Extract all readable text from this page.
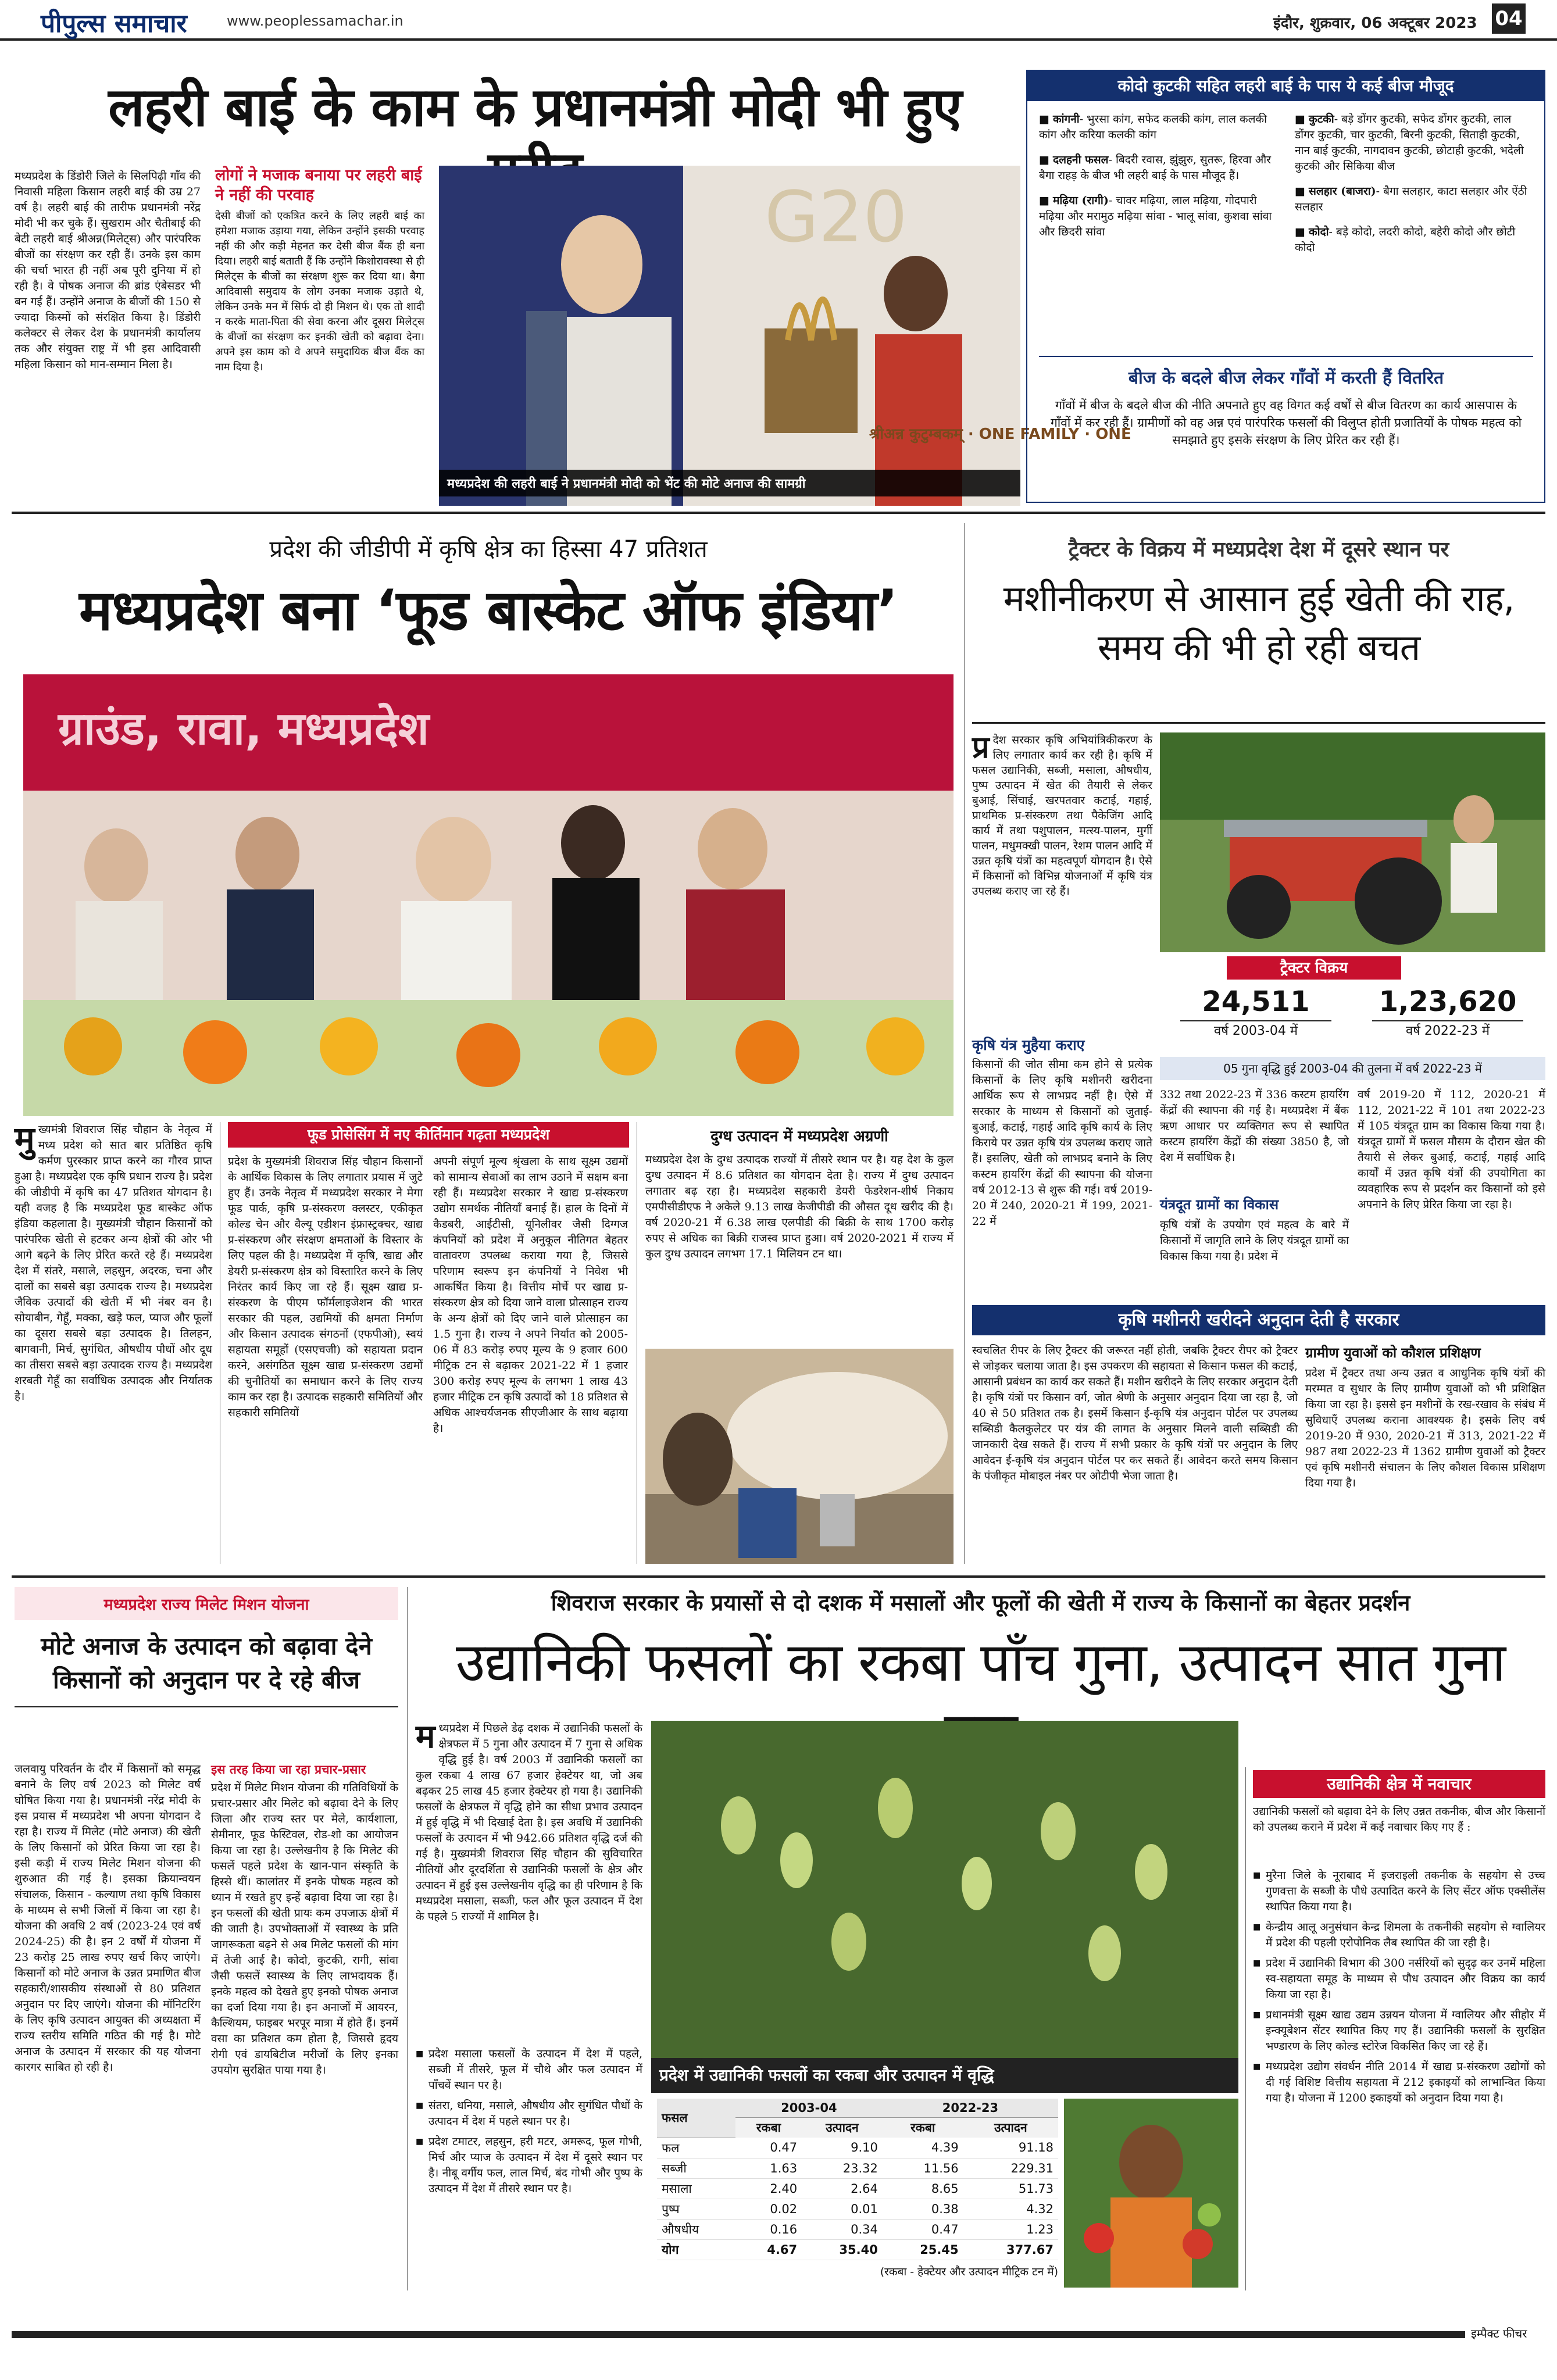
पीपुल्स समाचार	www.peoplessamachar.in	इंदौर, शुक्रवार, 06 अक्टूबर 2023 04
लहरी बाई के काम के प्रधानमंत्री मोदी भी हुए
मध्यप्रदेश के डिंडोरी जिले के सिलपिढ़ी गाँव की निवासी महिला किसान लहरी बाई की उम्र 27 वर्ष है। लहरी बाई की तारीफ प्रधानमंत्री नरेंद्र मोदी भी कर चुके हैं। सुखराम और चैतीबाई की बेटी लहरी बाई श्रीअन्न(मिलेट्स) और पारंपरिक बीजों का संरक्षण कर रही हैं। उनके इस काम की चर्चा भारत ही नहीं अब पूरी दुनिया में हो रही है। वे पोषक अनाज की ब्रांड एंबेसडर भी बन गई हैं। उन्होंने अनाज के बीजों की 150 से ज्यादा किस्मों को संरक्षित किया है। डिंडोरी कलेक्टर से लेकर देश के प्रधानमंत्री कार्यालय तक और संयुक्त राष्ट्र में भी इस आदिवासी महिला किसान को मान-सम्मान मिला है।
लोगों ने मजाक बनाया पर लहरी बाई ने नहीं की परवाह
देसी बीजों को एकत्रित करने के लिए लहरी बाई का हमेशा मजाक उड़ाया गया, लेकिन उन्होंने इसकी परवाह नहीं की और कड़ी मेहनत कर देसी बीज बैंक ही बना दिया। लहरी बाई बताती हैं कि उन्होंने किशोरावस्था से ही मिलेट्स के बीजों का संरक्षण शुरू कर दिया था। बैगा आदिवासी समुदाय के लोग उनका मजाक उड़ाते थे, लेकिन उनके मन में सिर्फ दो ही मिशन थे। एक तो शादी न करके माता-पिता की सेवा करना और दूसरा मिलेट्स के बीजों का संरक्षण कर इनकी खेती को बढ़ावा देना। अपने इस काम को वे अपने समुदायिक बीज बैंक का नाम दिया है।
G20
श्रीअन्न कुटुम्बकम् · ONE FAMILY · ONE
मध्यप्रदेश की लहरी बाई ने प्रधानमंत्री मोदी को भेंट की मोटे अनाज की सामग्री
कोदो कुटकी सहित लहरी बाई के पास ये कई बीज मौजूद
■ कांगनी- भुरसा कांग, सफेद कलकी कांग, लाल कलकी कांग और करिया कलकी कांग
■ दलहनी फसल- बिदरी रवास, झुंझुरु, सुतरू, हिरवा और बैगा राहड़ के बीज भी लहरी बाई के पास मौजूद हैं।
■ मढ़िया (रागी)- चावर मढ़िया, लाल मढ़िया, गोदपारी मढ़िया और मरामुठ मढ़िया सांवा - भालू सांवा, कुशवा सांवा और छिदरी सांवा
■ कुटकी- बड़े डोंगर कुटकी, सफेद डोंगर कुटकी, लाल डोंगर कुटकी, चार कुटकी, बिरनी कुटकी, सिताही कुटकी, नान बाई कुटकी, नागदावन कुटकी, छोटाही कुटकी, भदेली कुटकी और सिकिया बीज
■ सलहार (बाजरा)- बैगा सलहार, काटा सलहार और ऐंठी सलहार
■ कोदो- बड़े कोदो, लदरी कोदो, बहेरी कोदो और छोटी कोदो
बीज के बदले बीज लेकर गाँवों में करती हैं वितरित
गाँवों में बीज के बदले बीज की नीति अपनाते हुए वह विगत कई वर्षों से बीज वितरण का कार्य आसपास के गाँवों में कर रही हैं। ग्रामीणों को वह अन्न एवं पारंपरिक फसलों की विलुप्त होती प्रजातियों के पोषक महत्व को समझाते हुए इसके संरक्षण के लिए प्रेरित कर रही हैं।
प्रदेश की जीडीपी में कृषि क्षेत्र का हिस्सा 47 प्रतिशत
मध्यप्रदेश बना ‘फूड बास्केट ऑफ इंडिया’
ग्राउंड, रावा, मध्यप्रदेश
मु ख्यमंत्री शिवराज सिंह चौहान के नेतृत्व में मध्य प्रदेश को सात बार प्रतिष्ठित कृषि कर्मण पुरस्कार प्राप्त करने का गौरव प्राप्त हुआ है। मध्यप्रदेश एक कृषि प्रधान राज्य है। प्रदेश की जीडीपी में कृषि का 47 प्रतिशत योगदान है। यही वजह है कि मध्यप्रदेश फूड बास्केट ऑफ इंडिया कहलाता है। मुख्यमंत्री चौहान किसानों को पारंपरिक खेती से हटकर अन्य क्षेत्रों की ओर भी आगे बढ़ने के लिए प्रेरित करते रहे हैं। मध्यप्रदेश देश में संतरे, मसाले, लहसुन, अदरक, चना और दालों का सबसे बड़ा उत्पादक राज्य है। मध्यप्रदेश जैविक उत्पादों की खेती में भी नंबर वन है। सोयाबीन, गेहूँ, मक्का, खड़े फल, प्याज और फूलों का दूसरा सबसे बड़ा उत्पादक है। तिलहन, बागवानी, मिर्च, सुगंधित, औषधीय पौधों और दूध का तीसरा सबसे बड़ा उत्पादक राज्य है। मध्यप्रदेश शरबती गेहूँ का सर्वाधिक उत्पादक और निर्यातक है।
फूड प्रोसेसिंग में नए कीर्तिमान गढ़ता मध्यप्रदेश
प्रदेश के मुख्यमंत्री शिवराज सिंह चौहान किसानों के आर्थिक विकास के लिए लगातार प्रयास में जुटे हुए हैं। उनके नेतृत्व में मध्यप्रदेश सरकार ने मेगा फूड पार्क, कृषि प्र-संस्करण क्लस्टर, एकीकृत कोल्ड चेन और वैल्यू एडीशन इंफ्रास्ट्रक्चर, खाद्य प्र-संस्करण और संरक्षण क्षमताओं के विस्तार के लिए पहल की है। मध्यप्रदेश में कृषि, खाद्य और डेयरी प्र-संस्करण क्षेत्र को विस्तारित करने के लिए निरंतर कार्य किए जा रहे हैं। सूक्ष्म खाद्य प्र-संस्करण के पीएम फॉर्मलाइजेशन की भारत सरकार की पहल, उद्यमियों की क्षमता निर्माण और किसान उत्पादक संगठनों (एफपीओ), स्वयं सहायता समूहों (एसएचजी) को सहायता प्रदान करने, असंगठित सूक्ष्म खाद्य प्र-संस्करण उद्यमों की चुनौतियों का समाधान करने के लिए राज्य काम कर रहा है। उत्पादक सहकारी समितियों और सहकारी समितियों
अपनी संपूर्ण मूल्य श्रृंखला के साथ सूक्ष्म उद्यमों को सामान्य सेवाओं का लाभ उठाने में सक्षम बना रही हैं। मध्यप्रदेश सरकार ने खाद्य प्र-संस्करण उद्योग समर्थक नीतियाँ बनाई हैं। हाल के दिनों में कैडबरी, आईटीसी, यूनिलीवर जैसी दिग्गज कंपनियों को प्रदेश में अनुकूल नीतिगत बेहतर वातावरण उपलब्ध कराया गया है, जिससे परिणाम स्वरूप इन कंपनियों ने निवेश भी आकर्षित किया है। वित्तीय मोर्चे पर खाद्य प्र-संस्करण क्षेत्र को दिया जाने वाला प्रोत्साहन राज्य के अन्य क्षेत्रों को दिए जाने वाले प्रोत्साहन का 1.5 गुना है। राज्य ने अपने निर्यात को 2005-06 में 83 करोड़ रुपए मूल्य के 9 हजार 600 मीट्रिक टन से बढ़ाकर 2021-22 में 1 हजार 300 करोड़ रुपए मूल्य के लगभग 1 लाख 43 हजार मीट्रिक टन कृषि उत्पादों को 18 प्रतिशत से अधिक आश्चर्यजनक सीएजीआर के साथ बढ़ाया है।
दुग्ध उत्पादन में मध्यप्रदेश अग्रणी
मध्यप्रदेश देश के दुग्ध उत्पादक राज्यों में तीसरे स्थान पर है। यह देश के कुल दुग्ध उत्पादन में 8.6 प्रतिशत का योगदान देता है। राज्य में दुग्ध उत्पादन लगातार बढ़ रहा है। मध्यप्रदेश सहकारी डेयरी फेडरेशन-शीर्ष निकाय एमपीसीडीएफ ने अकेले 9.13 लाख केजीपीडी की औसत दूध खरीद की है। वर्ष 2020-21 में 6.38 लाख एलपीडी की बिक्री के साथ 1700 करोड़ रुपए से अधिक का बिक्री राजस्व प्राप्त हुआ। वर्ष 2020-2021 में राज्य में कुल दुग्ध उत्पादन लगभग 17.1 मिलियन टन था।
ट्रैक्टर के विक्रय में मध्यप्रदेश देश में दूसरे स्थान पर
मशीनीकरण से आसान हुई खेती की राह, समय की भी हो रही बचत
प्र देश सरकार कृषि अभियांत्रिकीकरण के लिए लगातार कार्य कर रही है। कृषि में फसल उद्यानिकी, सब्जी, मसाला, औषधीय, पुष्प उत्पादन में खेत की तैयारी से लेकर बुआई, सिंचाई, खरपतवार कटाई, गहाई, प्राथमिक प्र-संस्करण तथा पैकेजिंग आदि कार्य में तथा पशुपालन, मत्स्य-पालन, मुर्गी पालन, मधुमक्खी पालन, रेशम पालन आदि में उन्नत कृषि यंत्रों का महत्वपूर्ण योगदान है। ऐसे में किसानों को विभिन्न योजनाओं में कृषि यंत्र उपलब्ध कराए जा रहे हैं।
ट्रैक्टर विक्रय
24,511
वर्ष 2003-04 में
1,23,620
वर्ष 2022-23 में
05 गुना वृद्धि हुई 2003-04 की तुलना में वर्ष 2022-23 में
कृषि यंत्र मुहैया कराए
किसानों की जोत सीमा कम होने से प्रत्येक किसानों के लिए कृषि मशीनरी खरीदना आर्थिक रूप से लाभप्रद नहीं है। ऐसे में सरकार के माध्यम से किसानों को जुताई-बुआई, कटाई, गहाई आदि कृषि कार्य के लिए किराये पर उन्नत कृषि यंत्र उपलब्ध कराए जाते हैं। इसलिए, खेती को लाभप्रद बनाने के लिए कस्टम हायरिंग केंद्रों की स्थापना की योजना वर्ष 2012-13 से शुरू की गई। वर्ष 2019-20 में 240, 2020-21 में 199, 2021- 22 में
332 तथा 2022-23 में 336 कस्टम हायरिंग केंद्रों की स्थापना की गई है। मध्यप्रदेश में बैंक ऋण आधार पर व्यक्तिगत रूप से स्थापित कस्टम हायरिंग केंद्रों की संख्या 3850 है, जो देश में सर्वाधिक है।
यंत्रदूत ग्रामों का विकास
कृषि यंत्रों के उपयोग एवं महत्व के बारे में किसानों में जागृति लाने के लिए यंत्रदूत ग्रामों का विकास किया गया है। प्रदेश में
वर्ष 2019-20 में 112, 2020-21 में 112, 2021-22 में 101 तथा 2022-23 में 105 यंत्रदूत ग्राम का विकास किया गया है। यंत्रदूत ग्रामों में फसल मौसम के दौरान खेत की तैयारी से लेकर बुआई, कटाई, गहाई आदि कार्यों में उन्नत कृषि यंत्रों की उपयोगिता का व्यवहारिक रूप से प्रदर्शन कर किसानों को इसे अपनाने के लिए प्रेरित किया जा रहा है।
कृषि मशीनरी खरीदने अनुदान देती है सरकार
स्वचलित रीपर के लिए ट्रैक्टर की जरूरत नहीं होती, जबकि ट्रैक्टर रीपर को ट्रैक्टर से जोड़कर चलाया जाता है। इस उपकरण की सहायता से किसान फसल की कटाई, आसानी प्रबंधन का कार्य कर सकते हैं। मशीन खरीदने के लिए सरकार अनुदान देती है। कृषि यंत्रों पर किसान वर्ग, जोत श्रेणी के अनुसार अनुदान दिया जा रहा है, जो 40 से 50 प्रतिशत तक है। इसमें किसान ई-कृषि यंत्र अनुदान पोर्टल पर उपलब्ध सब्सिडी कैलकुलेटर पर यंत्र की लागत के अनुसार मिलने वाली सब्सिडी की जानकारी देख सकते हैं। राज्य में सभी प्रकार के कृषि यंत्रों पर अनुदान के लिए आवेदन ई-कृषि यंत्र अनुदान पोर्टल पर कर सकते हैं। आवेदन करते समय किसान के पंजीकृत मोबाइल नंबर पर ओटीपी भेजा जाता है।
ग्रामीण युवाओं को कौशल प्रशिक्षण
प्रदेश में ट्रैक्टर तथा अन्य उन्नत व आधुनिक कृषि यंत्रों की मरम्मत व सुधार के लिए ग्रामीण युवाओं को भी प्रशिक्षित किया जा रहा है। इससे इन मशीनों के रख-रखाव के संबंध में सुविधाएँ उपलब्ध कराना आवश्यक है। इसके लिए वर्ष 2019-20 में 930, 2020-21 में 313, 2021-22 में 987 तथा 2022-23 में 1362 ग्रामीण युवाओं को ट्रैक्टर एवं कृषि मशीनरी संचालन के लिए कौशल विकास प्रशिक्षण दिया गया है।
मध्यप्रदेश राज्य मिलेट मिशन योजना
मोटे अनाज के उत्पादन को बढ़ावा देने किसानों को अनुदान पर दे रहे बीज
जलवायु परिवर्तन के दौर में किसानों को समृद्ध बनाने के लिए वर्ष 2023 को मिलेट वर्ष घोषित किया गया है। प्रधानमंत्री नरेंद्र मोदी के इस प्रयास में मध्यप्रदेश भी अपना योगदान दे रहा है। राज्य में मिलेट (मोटे अनाज) की खेती के लिए किसानों को प्रेरित किया जा रहा है। इसी कड़ी में राज्य मिलेट मिशन योजना की शुरुआत की गई है। इसका क्रियान्वयन संचालक, किसान - कल्याण तथा कृषि विकास के माध्यम से सभी जिलों में किया जा रहा है। योजना की अवधि 2 वर्ष (2023-24 एवं वर्ष 2024-25) की है। इन 2 वर्षों में योजना में 23 करोड़ 25 लाख रुपए खर्च किए जाएंगे। किसानों को मोटे अनाज के उन्नत प्रमाणित बीज सहकारी/शासकीय संस्थाओं से 80 प्रतिशत अनुदान पर दिए जाएंगे। योजना की मॉनिटरिंग के लिए कृषि उत्पादन आयुक्त की अध्यक्षता में राज्य स्तरीय समिति गठित की गई है। मोटे अनाज के उत्पादन में सरकार की यह योजना कारगर साबित हो रही है।
इस तरह किया जा रहा प्रचार-प्रसार
प्रदेश में मिलेट मिशन योजना की गतिविधियों के प्रचार-प्रसार और मिलेट को बढ़ावा देने के लिए जिला और राज्य स्तर पर मेले, कार्यशाला, सेमीनार, फूड फेस्टिवल, रोड-शो का आयोजन किया जा रहा है। उल्लेखनीय है कि मिलेट की फसलें पहले प्रदेश के खान-पान संस्कृति के हिस्से थीं। कालांतर में इनके पोषक महत्व को ध्यान में रखते हुए इन्हें बढ़ावा दिया जा रहा है। इन फसलों की खेती प्रायः कम उपजाऊ क्षेत्रों में की जाती है। उपभोक्ताओं में स्वास्थ्य के प्रति जागरूकता बढ़ने से अब मिलेट फसलों की मांग में तेजी आई है। कोदो, कुटकी, रागी, सांवा जैसी फसलें स्वास्थ्य के लिए लाभदायक हैं। इनके महत्व को देखते हुए इनको पोषक अनाज का दर्जा दिया गया है। इन अनाजों में आयरन, कैल्शियम, फाइबर भरपूर मात्रा में होते हैं। इनमें वसा का प्रतिशत कम होता है, जिससे हृदय रोगी एवं डायबिटीज मरीजों के लिए इनका उपयोग सुरक्षित पाया गया है।
शिवराज सरकार के प्रयासों से दो दशक में मसालों और फूलों की खेती में राज्य के किसानों का बेहतर प्रदर्शन
उद्यानिकी फसलों का रकबा पाँच गुना, उत्पादन सात गुना
म ध्यप्रदेश में पिछले डेढ़ दशक में उद्यानिकी फसलों के क्षेत्रफल में 5 गुना और उत्पादन में 7 गुना से अधिक वृद्धि हुई है। वर्ष 2003 में उद्यानिकी फसलों का कुल रकबा 4 लाख 67 हजार हेक्टेयर था, जो अब बढ़कर 25 लाख 45 हजार हेक्टेयर हो गया है। उद्यानिकी फसलों के क्षेत्रफल में वृद्धि होने का सीधा प्रभाव उत्पादन में हुई वृद्धि में भी दिखाई देता है। इस अवधि में उद्यानिकी फसलों के उत्पादन में भी 942.66 प्रतिशत वृद्धि दर्ज की गई है। मुख्यमंत्री शिवराज सिंह चौहान की सुविचारित नीतियों और दूरदर्शिता से उद्यानिकी फसलों के क्षेत्र और उत्पादन में हुई इस उल्लेखनीय वृद्धि का ही परिणाम है कि मध्यप्रदेश मसाला, सब्जी, फल और फूल उत्पादन में देश के पहले 5 राज्यों में शामिल है।
■ प्रदेश मसाला फसलों के उत्पादन में देश में पहले, सब्जी में तीसरे, फूल में चौथे और फल उत्पादन में पाँचवें स्थान पर है।
■ संतरा, धनिया, मसाले, औषधीय और सुगंधित पौधों के उत्पादन में देश में पहले स्थान पर है।
■ प्रदेश टमाटर, लहसुन, हरी मटर, अमरूद, फूल गोभी, मिर्च और प्याज के उत्पादन में देश में दूसरे स्थान पर है। नीबू वर्गीय फल, लाल मिर्च, बंद गोभी और पुष्प के उत्पादन में देश में तीसरे स्थान पर है।
प्रदेश में उद्यानिकी फसलों का रकबा और उत्पादन में वृद्धि
फसल	2003-04		2022-23	
	रकबा	उत्पादन	रकबा	उत्पादन
फल	0.47	9.10	4.39	91.18
सब्जी	1.63	23.32	11.56	229.31
मसाला	2.40	2.64	8.65	51.73
पुष्प	0.02	0.01	0.38	4.32
औषधीय	0.16	0.34	0.47	1.23
योग	4.67	35.40	25.45	377.67
(रकबा - हेक्टेयर और उत्पादन मीट्रिक टन में)
उद्यानिकी क्षेत्र में नवाचार
उद्यानिकी फसलों को बढ़ावा देने के लिए उन्नत तकनीक, बीज और किसानों को उपलब्ध कराने में प्रदेश में कई नवाचार किए गए हैं :
■ मुरैना जिले के नूराबाद में इजराइली तकनीक के सहयोग से उच्च गुणवत्ता के सब्जी के पौधे उत्पादित करने के लिए सेंटर ऑफ एक्सीलेंस स्थापित किया गया है।
■ केन्द्रीय आलू अनुसंधान केन्द्र शिमला के तकनीकी सहयोग से ग्वालियर में प्रदेश की पहली एरोपोनिक लैब स्थापित की जा रही है।
■ प्रदेश में उद्यानिकी विभाग की 300 नर्सरियों को सुदृढ़ कर उनमें महिला स्व-सहायता समूह के माध्यम से पौध उत्पादन और विक्रय का कार्य किया जा रहा है।
■ प्रधानमंत्री सूक्ष्म खाद्य उद्यम उन्नयन योजना में ग्वालियर और सीहोर में इन्क्यूबेशन सेंटर स्थापित किए गए हैं। उद्यानिकी फसलों के सुरक्षित भण्डारण के लिए कोल्ड स्टोरेज विकसित किए जा रहे हैं।
■ मध्यप्रदेश उद्योग संवर्धन नीति 2014 में खाद्य प्र-संस्करण उद्योगों को दी गई विशिष्ट वित्तीय सहायता में 212 इकाइयों को लाभान्वित किया गया है। योजना में 1200 इकाइयों को अनुदान दिया गया है।
इम्पैक्ट फीचर
